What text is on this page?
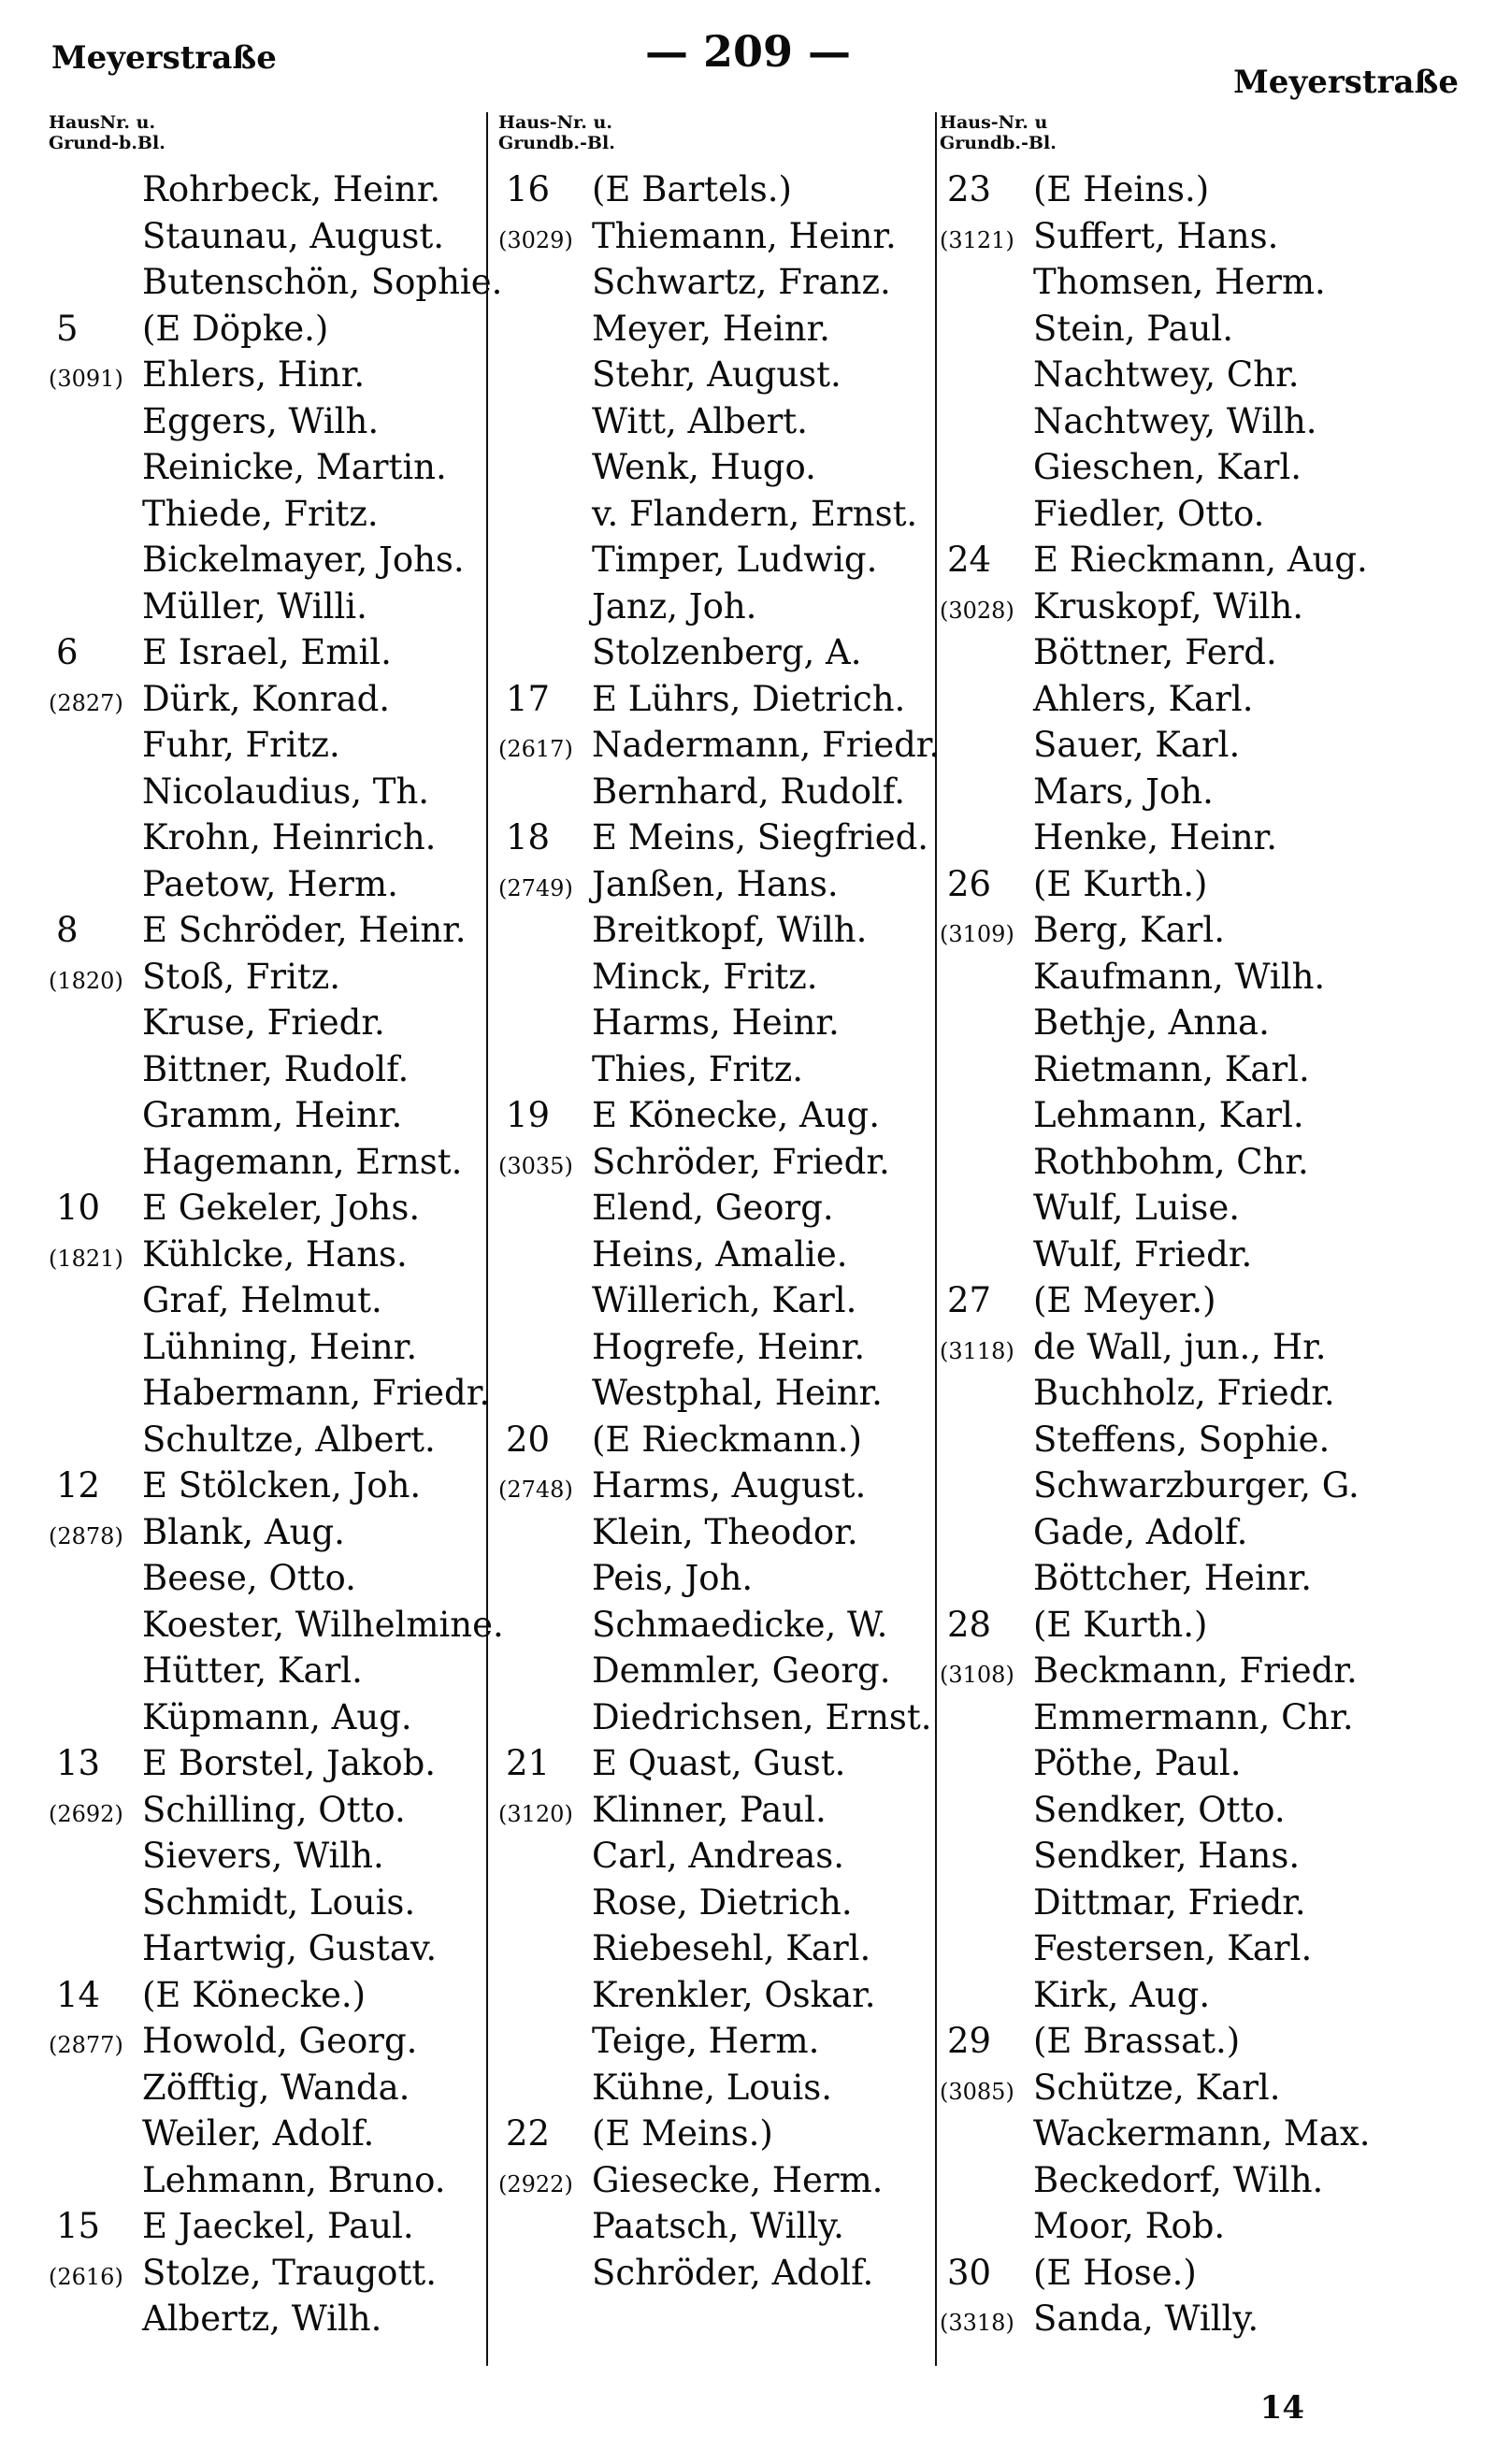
Meyerstraße	— 209 —
Meyerstraße
HausNr. u.
Grund-b.Bl.
Rohrbeck, Heinr.
Staunau, August.
Butenschön, Sophie.
5	(E Döpke.)
(3091) Ehlers, Hinr.
Eggers, Wilh.
Reinicke, Martin.
Thiede, Fritz.
Bickelmayer, Johs.
Müller, Willi.
6	E Israel, Emil.
(2827) Dürk, Konrad.
Fuhr, Fritz.
Nicolaudius, Th.
Krohn, Heinrich.
Paetow, Herm.
8	E Schröder, Heinr.
(1820) Stoß, Fritz.
Kruse, Friedr.
Bittner, Rudolf.
Gramm, Heinr.
Hagemann, Ernst.
10	E Gekeler, Johs.
(1821) Kühlcke, Hans.
Graf, Helmut.
Lühning, Heinr.
Habermann, Friedr.
Schultze, Albert.
12	E Stölcken, Joh.
(2878) Blank, Aug.
Beese, Otto.
Koester, Wilhelmine.
Hütter, Karl.
Küpmann, Aug.
13	E Borstel, Jakob.
(2692) Schilling, Otto.
Sievers, Wilh.
Schmidt, Louis.
Hartwig, Gustav.
14	(E Könecke.)
(2877) Howold, Georg.
Zöfftig, Wanda.
Weiler, Adolf.
Lehmann, Bruno.
15	E Jaeckel, Paul.
(2616) Stolze, Traugott.
Albertz, Wilh.
Haus-Nr. u.
Grundb.-Bl.
16	(E Bartels.)
(3029) Thiemann, Heinr.
Schwartz, Franz.
Meyer, Heinr.
Stehr, August.
Witt, Albert.
Wenk, Hugo.
v. Flandern, Ernst.
Timper, Ludwig.
Janz, Joh.
Stolzenberg, A.
17	E Lührs, Dietrich.
(2617) Nadermann, Friedr.
Bernhard, Rudolf.
18	E Meins, Siegfried.
(2749) Janßen, Hans.
Breitkopf, Wilh.
Minck, Fritz.
Harms, Heinr.
Thies, Fritz.
19	E Könecke, Aug.
(3035) Schröder, Friedr.
Elend, Georg.
Heins, Amalie.
Willerich, Karl.
Hogrefe, Heinr.
Westphal, Heinr.
20	(E Rieckmann.)
(2748) Harms, August.
Klein, Theodor.
Peis, Joh.
Schmaedicke, W.
Demmler, Georg.
Diedrichsen, Ernst.
21	E Quast, Gust.
(3120) Klinner, Paul.
Carl, Andreas.
Rose, Dietrich.
Riebesehl, Karl.
Krenkler, Oskar.
Teige, Herm.
Kühne, Louis.
22	(E Meins.)
(2922) Giesecke, Herm.
Paatsch, Willy.
Schröder, Adolf.
Haus-Nr. u
Grundb.-Bl.
23	(E Heins.)
(3121) Suffert, Hans.
Thomsen, Herm.
Stein, Paul.
Nachtwey, Chr.
Nachtwey, Wilh.
Gieschen, Karl.
Fiedler, Otto.
24	E Rieckmann, Aug.
(3028) Kruskopf, Wilh.
Böttner, Ferd.
Ahlers, Karl.
Sauer, Karl.
Mars, Joh.
Henke, Heinr.
26	(E Kurth.)
(3109) Berg, Karl.
Kaufmann, Wilh.
Bethje, Anna.
Rietmann, Karl.
Lehmann, Karl.
Rothbohm, Chr.
Wulf, Luise.
Wulf, Friedr.
27	(E Meyer.)
(3118) de Wall, jun., Hr.
Buchholz, Friedr.
Steffens, Sophie.
Schwarzburger, G.
Gade, Adolf.
Böttcher, Heinr.
28	(E Kurth.)
(3108) Beckmann, Friedr.
Emmermann, Chr.
Pöthe, Paul.
Sendker, Otto.
Sendker, Hans.
Dittmar, Friedr.
Festersen, Karl.
Kirk, Aug.
29	(E Brassat.)
(3085) Schütze, Karl.
Wackermann, Max.
Beckedorf, Wilh.
Moor, Rob.
30	(E Hose.)
(3318) Sanda, Willy.
14
